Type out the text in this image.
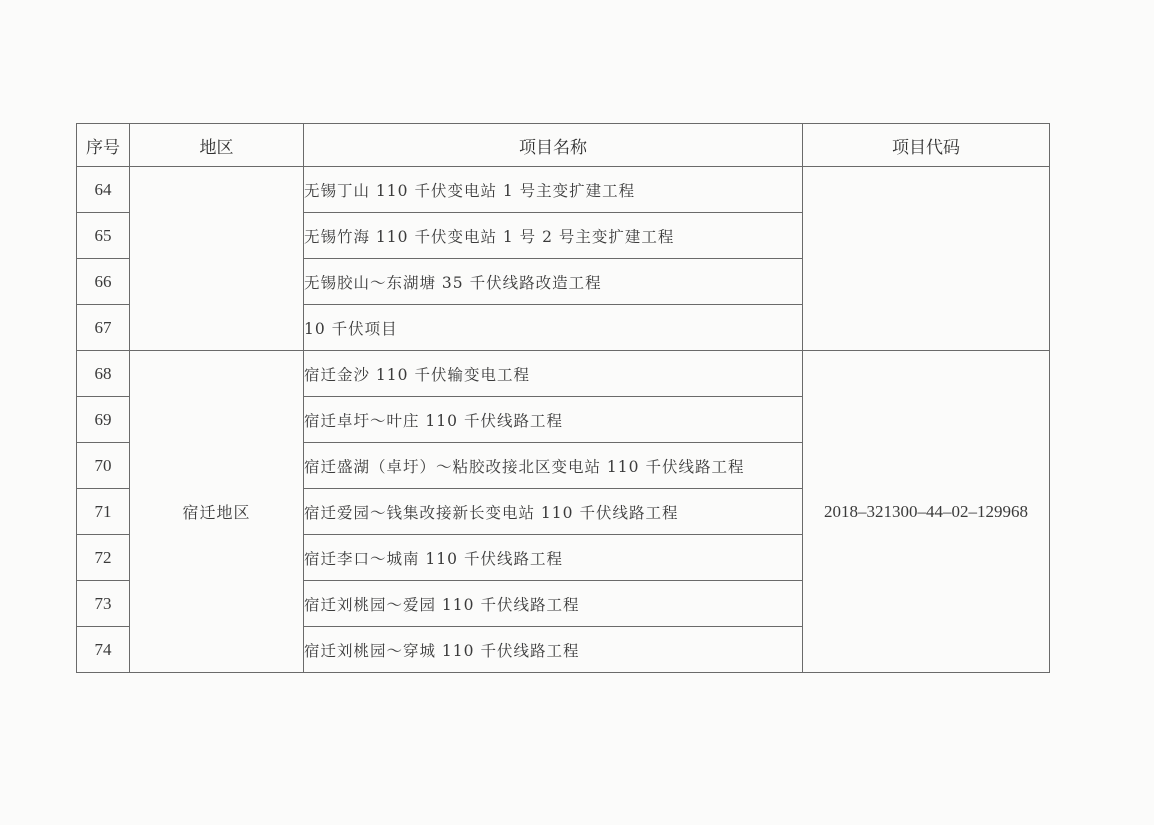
序号	地区	项目名称	项目代码
64		无锡丁山 110 千伏变电站 1 号主变扩建工程	
65		无锡竹海 110 千伏变电站 1 号 2 号主变扩建工程	
66		无锡胶山～东湖塘 35 千伏线路改造工程	
67		10 千伏项目	
68	宿迁地区	宿迁金沙 110 千伏输变电工程	2018–321300–44–02–129968
69		宿迁卓圩～叶庄 110 千伏线路工程	
70		宿迁盛湖（卓圩）～粘胶改接北区变电站 110 千伏线路工程	
71		宿迁爱园～钱集改接新长变电站 110 千伏线路工程	
72		宿迁李口～城南 110 千伏线路工程	
73		宿迁刘桃园～爱园 110 千伏线路工程	
74		宿迁刘桃园～穿城 110 千伏线路工程	
